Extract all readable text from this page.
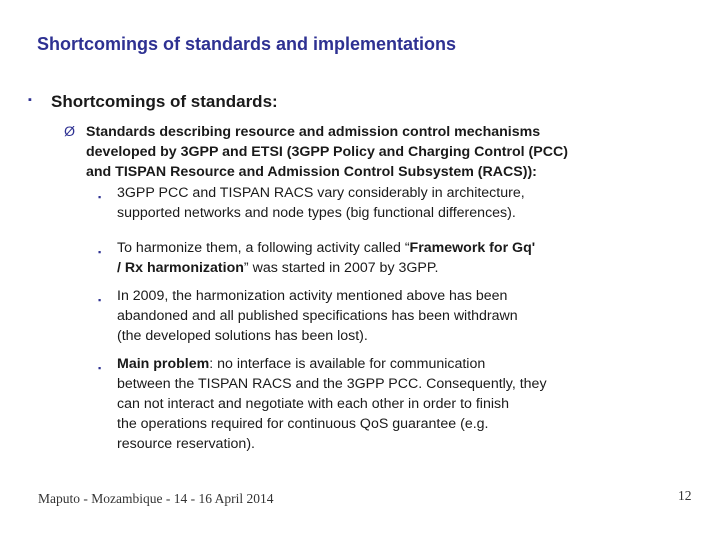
Shortcomings of standards and implementations
▪ Shortcomings of standards:
Ø Standards describing resource and admission control mechanisms
developed by 3GPP and ETSI (3GPP Policy and Charging Control (PCC)
and TISPAN Resource and Admission Control Subsystem (RACS)):
▪ 3GPP PCC and TISPAN RACS vary considerably in architecture,
supported networks and node types (big functional differences).
▪ To harmonize them, a following activity called “Framework for Gq'
/ Rx harmonization” was started in 2007 by 3GPP.
▪ In 2009, the harmonization activity mentioned above has been
abandoned and all published specifications has been withdrawn
(the developed solutions has been lost).
▪ Main problem: no interface is available for communication
between the TISPAN RACS and the 3GPP PCC. Consequently, they
can not interact and negotiate with each other in order to finish
the operations required for continuous QoS guarantee (e.g.
resource reservation).
Maputo - Mozambique - 14 - 16 April 2014	12
